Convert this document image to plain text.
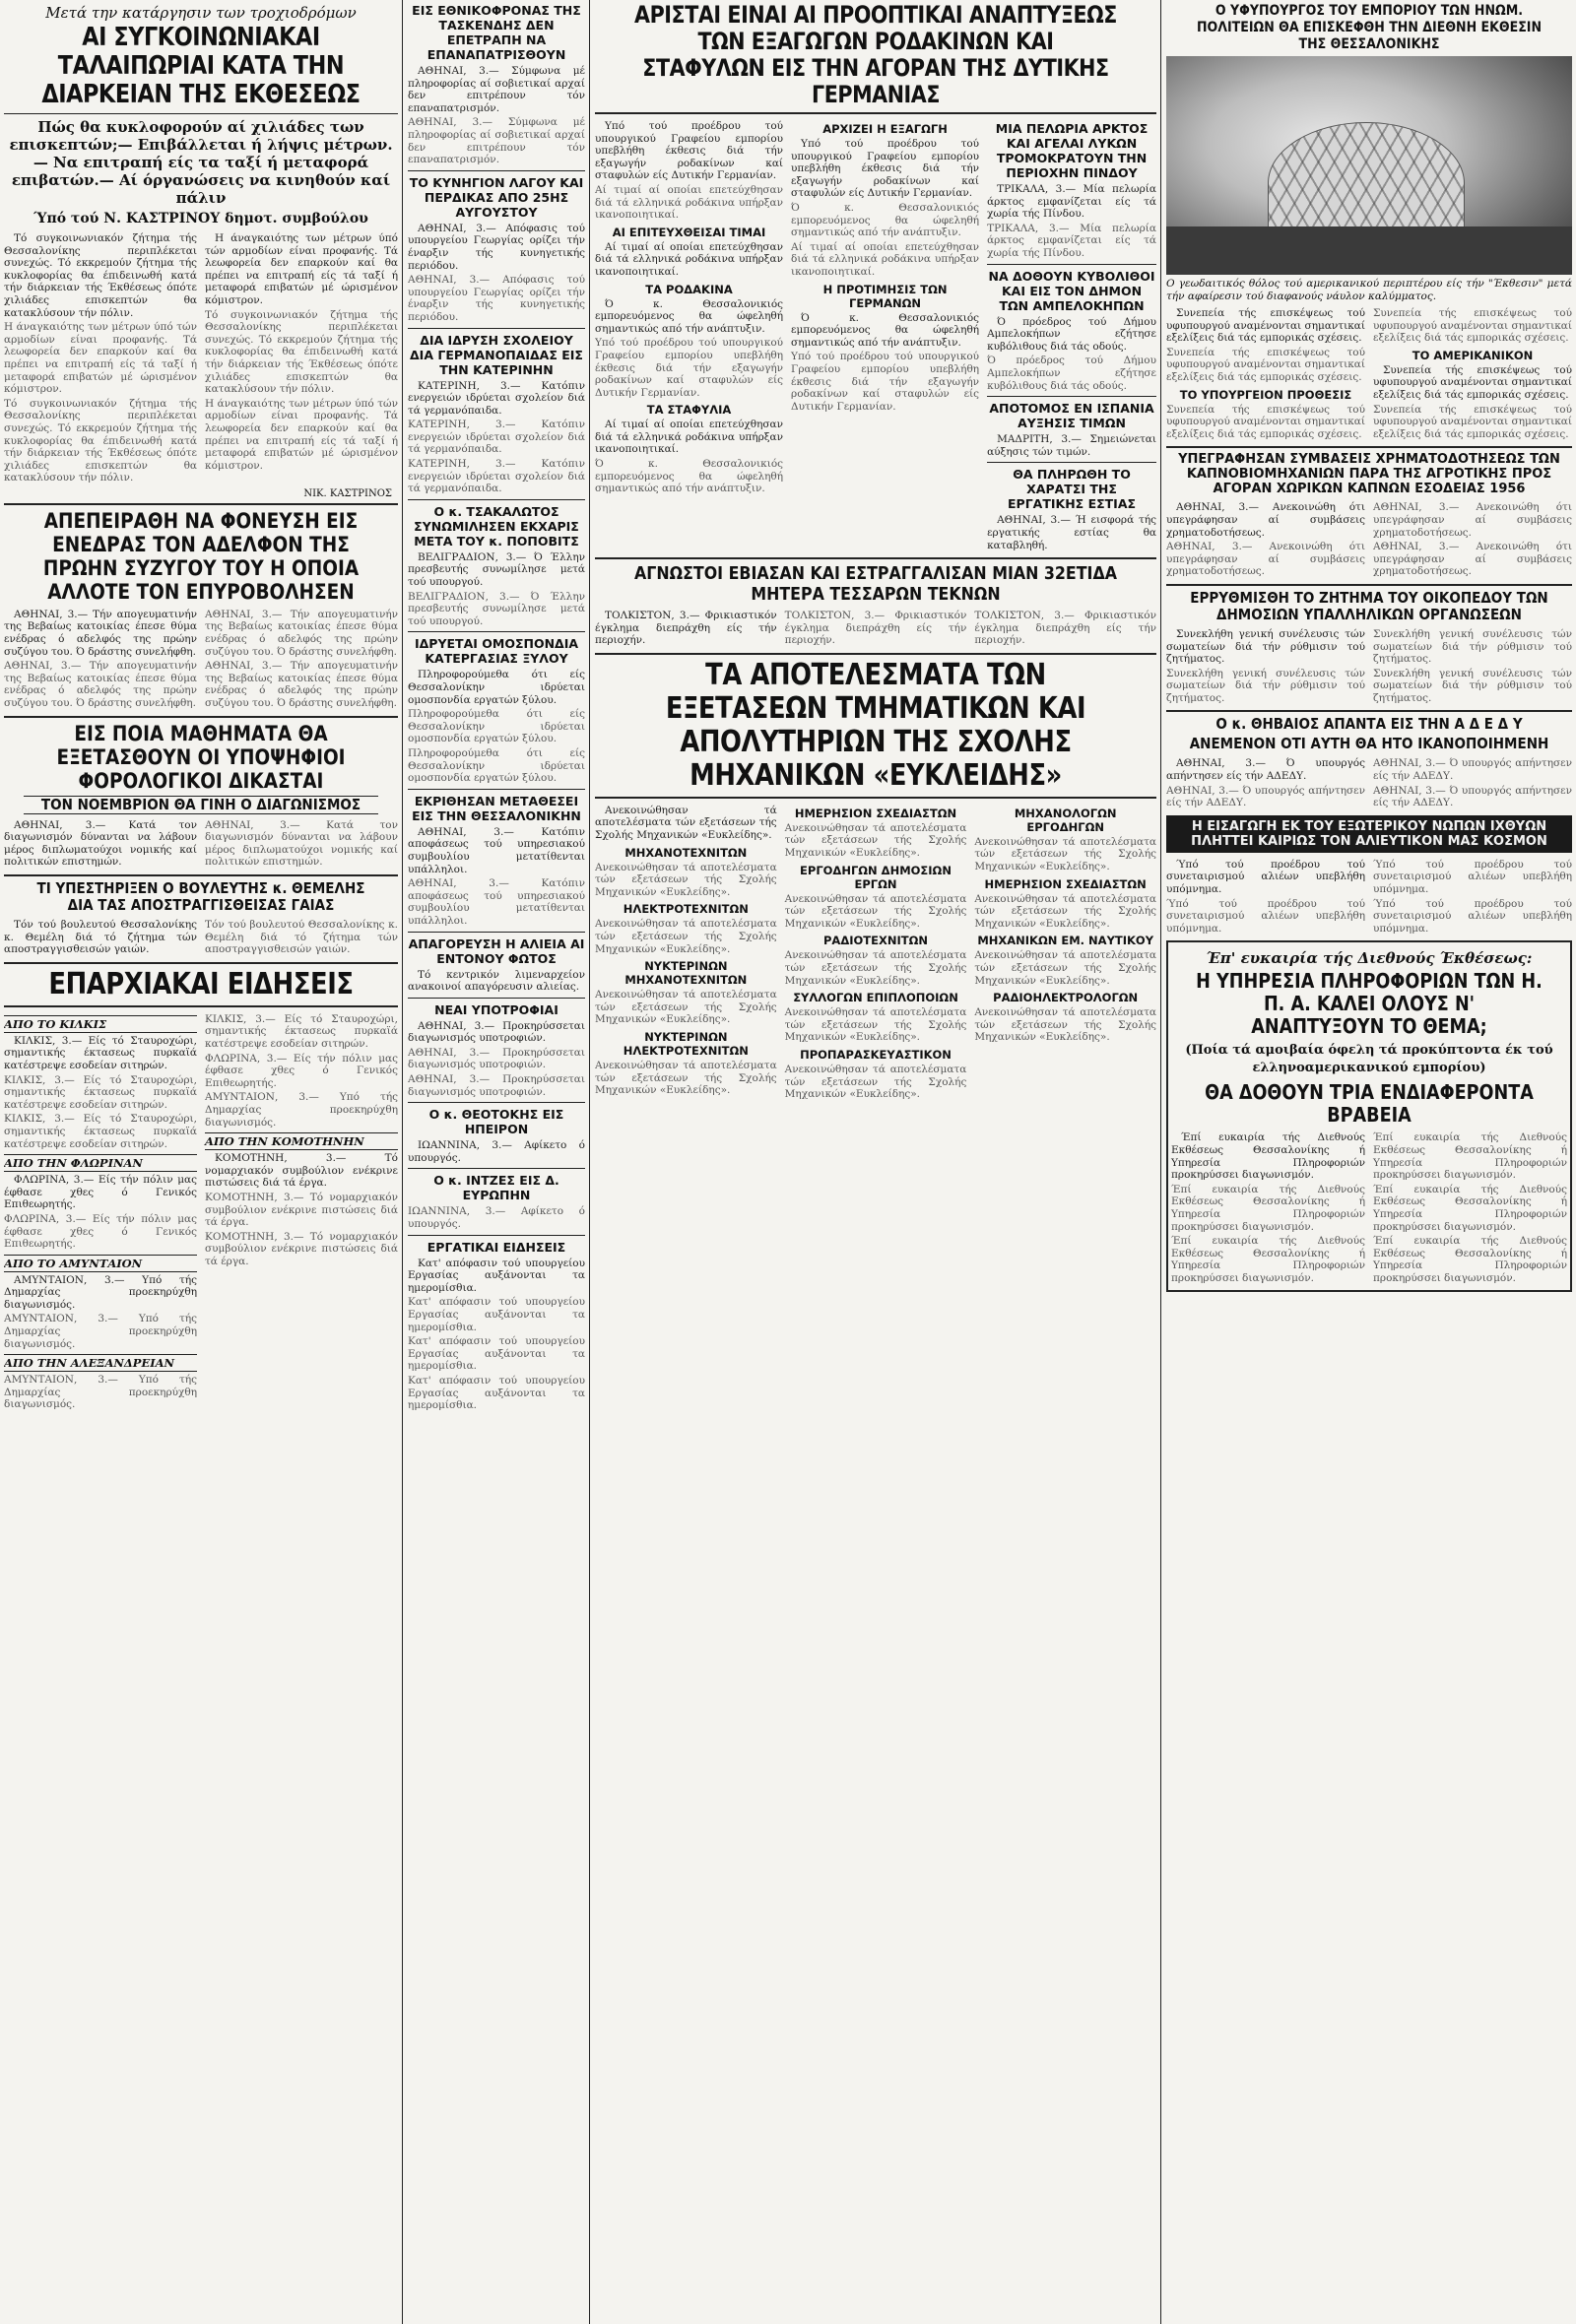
Μετά την κατάργησιν των τροχιοδρόμων
ΑΙ ΣΥΓΚΟΙΝΩΝΙΑΚΑΙ ΤΑΛΑΙΠΩΡΙΑΙ ΚΑΤΑ ΤΗΝ ΔΙΑΡΚΕΙΑΝ ΤΗΣ ΕΚΘΕΣΕΩΣ
Πώς θα κυκλοφορούν αί χιλιάδες των επισκεπτών;— Επιβάλλεται ή λήψις μέτρων.— Να επιτραπή είς τα ταξί ή μεταφορά επιβατών.— Αί όργανώσεις να κινηθούν καί πάλιν
Ύπό τού Ν. ΚΑΣΤΡΙΝΟΥ δημοτ. συμβούλου

Τό συγκοινωνιακόν ζήτημα τής Θεσσαλονίκης περιπλέκεται συνεχώς. Τό εκκρεμούν ζήτημα τής κυκλοφορίας θα έπιδεινωθή κατά τήν διάρκειαν τής Έκθέσεως όπότε χιλιάδες επισκεπτών θα κατακλύσουν τήν πόλιν.

Η άναγκαιότης των μέτρων ύπό τών αρμοδίων είναι προφανής. Τά λεωφορεία δεν επαρκούν καί θα πρέπει να επιτραπή είς τά ταξί ή μεταφορά επιβατών μέ ώρισμένον κόμιστρον.

Τό συγκοινωνιακόν ζήτημα τής Θεσσαλονίκης περιπλέκεται συνεχώς. Τό εκκρεμούν ζήτημα τής κυκλοφορίας θα έπιδεινωθή κατά τήν διάρκειαν τής Έκθέσεως όπότε χιλιάδες επισκεπτών θα κατακλύσουν τήν πόλιν.

Η άναγκαιότης των μέτρων ύπό τών αρμοδίων είναι προφανής. Τά λεωφορεία δεν επαρκούν καί θα πρέπει να επιτραπή είς τά ταξί ή μεταφορά επιβατών μέ ώρισμένον κόμιστρον.

Τό συγκοινωνιακόν ζήτημα τής Θεσσαλονίκης περιπλέκεται συνεχώς. Τό εκκρεμούν ζήτημα τής κυκλοφορίας θα έπιδεινωθή κατά τήν διάρκειαν τής Έκθέσεως όπότε χιλιάδες επισκεπτών θα κατακλύσουν τήν πόλιν.

Η άναγκαιότης των μέτρων ύπό τών αρμοδίων είναι προφανής. Τά λεωφορεία δεν επαρκούν καί θα πρέπει να επιτραπή είς τά ταξί ή μεταφορά επιβατών μέ ώρισμένον κόμιστρον.

ΝΙΚ. ΚΑΣΤΡΙΝΟΣ
ΑΠΕΠΕΙΡΑΘΗ ΝΑ ΦΟΝΕΥΣΗ ΕΙΣ ΕΝΕΔΡΑΣ ΤΟΝ ΑΔΕΛΦΟΝ ΤΗΣ ΠΡΩΗΝ ΣΥΖΥΓΟΥ ΤΟΥ Η ΟΠΟΙΑ ΑΛΛΟΤΕ ΤΟΝ ΕΠΥΡΟΒΟΛΗΣΕΝ

ΑΘΗΝΑΙ, 3.— Τήν απογευματινήν της Βεβαίως κατοικίας έπεσε θύμα ενέδρας ό αδελφός της πρώην συζύγου του. Ό δράστης συνελήφθη.

ΑΘΗΝΑΙ, 3.— Τήν απογευματινήν της Βεβαίως κατοικίας έπεσε θύμα ενέδρας ό αδελφός της πρώην συζύγου του. Ό δράστης συνελήφθη.

ΑΘΗΝΑΙ, 3.— Τήν απογευματινήν της Βεβαίως κατοικίας έπεσε θύμα ενέδρας ό αδελφός της πρώην συζύγου του. Ό δράστης συνελήφθη.

ΑΘΗΝΑΙ, 3.— Τήν απογευματινήν της Βεβαίως κατοικίας έπεσε θύμα ενέδρας ό αδελφός της πρώην συζύγου του. Ό δράστης συνελήφθη.

ΕΙΣ ΠΟΙΑ ΜΑΘΗΜΑΤΑ ΘΑ ΕΞΕΤΑΣΘΟΥΝ ΟΙ ΥΠΟΨΗΦΙΟΙ ΦΟΡΟΛΟΓΙΚΟΙ ΔΙΚΑΣΤΑΙ
ΤΟΝ ΝΟΕΜΒΡΙΟΝ ΘΑ ΓΙΝΗ Ο ΔΙΑΓΩΝΙΣΜΟΣ

ΑΘΗΝΑΙ, 3.— Κατά τον διαγωνισμόν δύνανται να λάβουν μέρος διπλωματούχοι νομικής καί πολιτικών επιστημών.

ΑΘΗΝΑΙ, 3.— Κατά τον διαγωνισμόν δύνανται να λάβουν μέρος διπλωματούχοι νομικής καί πολιτικών επιστημών.

ΤΙ ΥΠΕΣΤΗΡΙΞΕΝ Ο ΒΟΥΛΕΥΤΗΣ κ. ΘΕΜΕΛΗΣ ΔΙΑ ΤΑΣ ΑΠΟΣΤΡΑΓΓΙΣΘΕΙΣΑΣ ΓΑΙΑΣ

Τόν τού βουλευτού Θεσσαλονίκης κ. Θεμέλη διά τό ζήτημα τών αποστραγγισθεισών γαιών.

Τόν τού βουλευτού Θεσσαλονίκης κ. Θεμέλη διά τό ζήτημα τών αποστραγγισθεισών γαιών.

ΕΠΑΡΧΙΑΚΑΙ ΕΙΔΗΣΕΙΣ
ΑΠΟ ΤΟ ΚΙΛΚΙΣ

ΚΙΛΚΙΣ, 3.— Είς τό Σταυροχώρι, σημαντικής έκτασεως πυρκαϊά κατέστρεψε εσοδείαν σιτηρών.

ΚΙΛΚΙΣ, 3.— Είς τό Σταυροχώρι, σημαντικής έκτασεως πυρκαϊά κατέστρεψε εσοδείαν σιτηρών.

ΚΙΛΚΙΣ, 3.— Είς τό Σταυροχώρι, σημαντικής έκτασεως πυρκαϊά κατέστρεψε εσοδείαν σιτηρών.

ΑΠΟ ΤΗΝ ΦΛΩΡΙΝΑΝ

ΦΛΩΡΙΝΑ, 3.— Είς τήν πόλιν μας έφθασε χθες ό Γενικός Επιθεωρητής.

ΦΛΩΡΙΝΑ, 3.— Είς τήν πόλιν μας έφθασε χθες ό Γενικός Επιθεωρητής.

ΑΠΟ ΤΟ ΑΜΥΝΤΑΙΟΝ

ΑΜΥΝΤΑΙΟΝ, 3.— Υπό τής Δημαρχίας προεκηρύχθη διαγωνισμός.

ΑΜΥΝΤΑΙΟΝ, 3.— Υπό τής Δημαρχίας προεκηρύχθη διαγωνισμός.

ΑΠΟ ΤΗΝ ΑΛΕΞΑΝΔΡΕΙΑΝ

ΑΜΥΝΤΑΙΟΝ, 3.— Υπό τής Δημαρχίας προεκηρύχθη διαγωνισμός.

ΚΙΛΚΙΣ, 3.— Είς τό Σταυροχώρι, σημαντικής έκτασεως πυρκαϊά κατέστρεψε εσοδείαν σιτηρών.

ΦΛΩΡΙΝΑ, 3.— Είς τήν πόλιν μας έφθασε χθες ό Γενικός Επιθεωρητής.

ΑΜΥΝΤΑΙΟΝ, 3.— Υπό τής Δημαρχίας προεκηρύχθη διαγωνισμός.

ΑΠΟ ΤΗΝ ΚΟΜΟΤΗΝΗΝ

ΚΟΜΟΤΗΝΗ, 3.— Τό νομαρχιακόν συμβούλιον ενέκρινε πιστώσεις διά τά έργα.

ΚΟΜΟΤΗΝΗ, 3.— Τό νομαρχιακόν συμβούλιον ενέκρινε πιστώσεις διά τά έργα.

ΚΟΜΟΤΗΝΗ, 3.— Τό νομαρχιακόν συμβούλιον ενέκρινε πιστώσεις διά τά έργα.

ΕΙΣ ΕΘΝΙΚΟΦΡΟΝΑΣ ΤΗΣ ΤΑΣΚΕΝΔΗΣ ΔΕΝ ΕΠΕΤΡΑΠΗ ΝΑ ΕΠΑΝΑΠΑΤΡΙΣΘΟΥΝ

ΑΘΗΝΑΙ, 3.— Σύμφωνα μέ πληροφορίας αί σοβιετικαί αρχαί δεν επιτρέπουν τόν επαναπατρισμόν.

ΑΘΗΝΑΙ, 3.— Σύμφωνα μέ πληροφορίας αί σοβιετικαί αρχαί δεν επιτρέπουν τόν επαναπατρισμόν.

ΤΟ ΚΥΝΗΓΙΟΝ ΛΑΓΟΥ ΚΑΙ ΠΕΡΔΙΚΑΣ ΑΠΟ 25ΗΣ ΑΥΓΟΥΣΤΟΥ

ΑΘΗΝΑΙ, 3.— Απόφασις τού υπουργείου Γεωργίας ορίζει τήν έναρξιν τής κυνηγετικής περιόδου.

ΑΘΗΝΑΙ, 3.— Απόφασις τού υπουργείου Γεωργίας ορίζει τήν έναρξιν τής κυνηγετικής περιόδου.

ΔΙΑ ΙΔΡΥΣΗ ΣΧΟΛΕΙΟΥ ΔΙΑ ΓΕΡΜΑΝΟΠΑΙΔΑΣ ΕΙΣ ΤΗΝ ΚΑΤΕΡΙΝΗΝ

ΚΑΤΕΡΙΝΗ, 3.— Κατόπιν ενεργειών ιδρύεται σχολείον διά τά γερμανόπαιδα.

ΚΑΤΕΡΙΝΗ, 3.— Κατόπιν ενεργειών ιδρύεται σχολείον διά τά γερμανόπαιδα.

ΚΑΤΕΡΙΝΗ, 3.— Κατόπιν ενεργειών ιδρύεται σχολείον διά τά γερμανόπαιδα.

Ο κ. ΤΣΑΚΑΛΩΤΟΣ ΣΥΝΩΜΙΛΗΣΕΝ ΕΚΧΑΡΙΣ ΜΕΤΑ ΤΟΥ κ. ΠΟΠΟΒΙΤΣ

ΒΕΛΙΓΡΑΔΙΟΝ, 3.— Ό Έλλην πρεσβευτής συνωμίλησε μετά τού υπουργού.

ΒΕΛΙΓΡΑΔΙΟΝ, 3.— Ό Έλλην πρεσβευτής συνωμίλησε μετά τού υπουργού.

ΙΔΡΥΕΤΑΙ ΟΜΟΣΠΟΝΔΙΑ ΚΑΤΕΡΓΑΣΙΑΣ ΞΥΛΟΥ

Πληροφορούμεθα ότι είς Θεσσαλονίκην ιδρύεται ομοσπονδία εργατών ξύλου.

Πληροφορούμεθα ότι είς Θεσσαλονίκην ιδρύεται ομοσπονδία εργατών ξύλου.

Πληροφορούμεθα ότι είς Θεσσαλονίκην ιδρύεται ομοσπονδία εργατών ξύλου.

ΕΚΡΙΘΗΣΑΝ ΜΕΤΑΘΕΣΕΙ ΕΙΣ ΤΗΝ ΘΕΣΣΑΛΟΝΙΚΗΝ

ΑΘΗΝΑΙ, 3.— Κατόπιν αποφάσεως τού υπηρεσιακού συμβουλίου μετατίθενται υπάλληλοι.

ΑΘΗΝΑΙ, 3.— Κατόπιν αποφάσεως τού υπηρεσιακού συμβουλίου μετατίθενται υπάλληλοι.

ΑΠΑΓΟΡΕΥΣΗ Η ΑΛΙΕΙΑ ΑΙ ΕΝΤΟΝΟΥ ΦΩΤΟΣ

Τό κεντρικόν λιμεναρχείον ανακοινοί απαγόρευσιν αλιείας.

ΝΕΑΙ ΥΠΟΤΡΟΦΙΑΙ

ΑΘΗΝΑΙ, 3.— Προκηρύσσεται διαγωνισμός υποτροφιών.

ΑΘΗΝΑΙ, 3.— Προκηρύσσεται διαγωνισμός υποτροφιών.

ΑΘΗΝΑΙ, 3.— Προκηρύσσεται διαγωνισμός υποτροφιών.

Ο κ. ΘΕΟΤΟΚΗΣ ΕΙΣ ΗΠΕΙΡΟΝ

ΙΩΑΝΝΙΝΑ, 3.— Αφίκετο ό υπουργός.

Ο κ. ΙΝΤΖΕΣ ΕΙΣ Δ. ΕΥΡΩΠΗΝ

ΙΩΑΝΝΙΝΑ, 3.— Αφίκετο ό υπουργός.

ΕΡΓΑΤΙΚΑΙ ΕΙΔΗΣΕΙΣ

Κατ' απόφασιν τού υπουργείου Εργασίας αυξάνονται τα ημερομίσθια.

Κατ' απόφασιν τού υπουργείου Εργασίας αυξάνονται τα ημερομίσθια.

Κατ' απόφασιν τού υπουργείου Εργασίας αυξάνονται τα ημερομίσθια.

Κατ' απόφασιν τού υπουργείου Εργασίας αυξάνονται τα ημερομίσθια.

ΑΡΙΣΤΑΙ ΕΙΝΑΙ ΑΙ ΠΡΟΟΠΤΙΚΑΙ ΑΝΑΠΤΥΞΕΩΣ ΤΩΝ ΕΞΑΓΩΓΩΝ ΡΟΔΑΚΙΝΩΝ ΚΑΙ ΣΤΑΦΥΛΩΝ ΕΙΣ ΤΗΝ ΑΓΟΡΑΝ ΤΗΣ ΔΥΤΙΚΗΣ ΓΕΡΜΑΝΙΑΣ

Υπό τού προέδρου τού υπουργικού Γραφείου εμπορίου υπεβλήθη έκθεσις διά τήν εξαγωγήν ροδακίνων καί σταφυλών είς Δυτικήν Γερμανίαν.

Αί τιμαί αί οποίαι επετεύχθησαν διά τά ελληνικά ροδάκινα υπήρξαν ικανοποιητικαί.

ΑΙ ΕΠΙΤΕΥΧΘΕΙΣΑΙ ΤΙΜΑΙ

Αί τιμαί αί οποίαι επετεύχθησαν διά τά ελληνικά ροδάκινα υπήρξαν ικανοποιητικαί.

ΤΑ ΡΟΔΑΚΙΝΑ

Ό κ. Θεσσαλονικιός εμπορευόμενος θα ώφεληθή σημαντικώς από τήν ανάπτυξιν.

Υπό τού προέδρου τού υπουργικού Γραφείου εμπορίου υπεβλήθη έκθεσις διά τήν εξαγωγήν ροδακίνων καί σταφυλών είς Δυτικήν Γερμανίαν.

ΤΑ ΣΤΑΦΥΛΙΑ

Αί τιμαί αί οποίαι επετεύχθησαν διά τά ελληνικά ροδάκινα υπήρξαν ικανοποιητικαί.

Ό κ. Θεσσαλονικιός εμπορευόμενος θα ώφεληθή σημαντικώς από τήν ανάπτυξιν.

ΑΡΧΙΖΕΙ Η ΕΞΑΓΩΓΗ

Υπό τού προέδρου τού υπουργικού Γραφείου εμπορίου υπεβλήθη έκθεσις διά τήν εξαγωγήν ροδακίνων καί σταφυλών είς Δυτικήν Γερμανίαν.

Ό κ. Θεσσαλονικιός εμπορευόμενος θα ώφεληθή σημαντικώς από τήν ανάπτυξιν.

Αί τιμαί αί οποίαι επετεύχθησαν διά τά ελληνικά ροδάκινα υπήρξαν ικανοποιητικαί.

Η ΠΡΟΤΙΜΗΣΙΣ ΤΩΝ ΓΕΡΜΑΝΩΝ

Ό κ. Θεσσαλονικιός εμπορευόμενος θα ώφεληθή σημαντικώς από τήν ανάπτυξιν.

Υπό τού προέδρου τού υπουργικού Γραφείου εμπορίου υπεβλήθη έκθεσις διά τήν εξαγωγήν ροδακίνων καί σταφυλών είς Δυτικήν Γερμανίαν.

ΜΙΑ ΠΕΛΩΡΙΑ ΑΡΚΤΟΣ ΚΑΙ ΑΓΕΛΑΙ ΛΥΚΩΝ ΤΡΟΜΟΚΡΑΤΟΥΝ ΤΗΝ ΠΕΡΙΟΧΗΝ ΠΙΝΔΟΥ

ΤΡΙΚΑΛΑ, 3.— Μία πελωρία άρκτος εμφανίζεται είς τά χωρία τής Πίνδου.

ΤΡΙΚΑΛΑ, 3.— Μία πελωρία άρκτος εμφανίζεται είς τά χωρία τής Πίνδου.

ΝΑ ΔΟΘΟΥΝ ΚΥΒΟΛΙΘΟΙ ΚΑΙ ΕΙΣ ΤΟΝ ΔΗΜΟΝ ΤΩΝ ΑΜΠΕΛΟΚΗΠΩΝ

Ό πρόεδρος τού Δήμου Αμπελοκήπων εζήτησε κυβόλιθους διά τάς οδούς.

Ό πρόεδρος τού Δήμου Αμπελοκήπων εζήτησε κυβόλιθους διά τάς οδούς.

ΑΠΟΤΟΜΟΣ ΕΝ ΙΣΠΑΝΙΑ ΑΥΞΗΣΙΣ ΤΙΜΩΝ

ΜΑΔΡΙΤΗ, 3.— Σημειώνεται αύξησις τών τιμών.

ΘΑ ΠΛΗΡΩΘΗ ΤΟ ΧΑΡΑΤΣΙ ΤΗΣ ΕΡΓΑΤΙΚΗΣ ΕΣΤΙΑΣ

ΑΘΗΝΑΙ, 3.— Ή εισφορά τής εργατικής εστίας θα καταβληθή.

ΑΓΝΩΣΤΟΙ ΕΒΙΑΣΑΝ ΚΑΙ ΕΣΤΡΑΓΓΑΛΙΣΑΝ ΜΙΑΝ 32ΕΤΙΔΑ ΜΗΤΕΡΑ ΤΕΣΣΑΡΩΝ ΤΕΚΝΩΝ

ΤΟΛΚΙΣΤΟΝ, 3.— Φρικιαστικόν έγκλημα διεπράχθη είς τήν περιοχήν.

ΤΟΛΚΙΣΤΟΝ, 3.— Φρικιαστικόν έγκλημα διεπράχθη είς τήν περιοχήν.

ΤΟΛΚΙΣΤΟΝ, 3.— Φρικιαστικόν έγκλημα διεπράχθη είς τήν περιοχήν.

ΤΑ ΑΠΟΤΕΛΕΣΜΑΤΑ ΤΩΝ ΕΞΕΤΑΣΕΩΝ ΤΜΗΜΑΤΙΚΩΝ ΚΑΙ ΑΠΟΛΥΤΗΡΙΩΝ ΤΗΣ ΣΧΟΛΗΣ ΜΗΧΑΝΙΚΩΝ «ΕΥΚΛΕΙΔΗΣ»

Ανεκοινώθησαν τά αποτελέσματα τών εξετάσεων τής Σχολής Μηχανικών «Ευκλείδης».

ΜΗΧΑΝΟΤΕΧΝΙΤΩΝ

Ανεκοινώθησαν τά αποτελέσματα τών εξετάσεων τής Σχολής Μηχανικών «Ευκλείδης».

ΗΛΕΚΤΡΟΤΕΧΝΙΤΩΝ

Ανεκοινώθησαν τά αποτελέσματα τών εξετάσεων τής Σχολής Μηχανικών «Ευκλείδης».

ΝΥΚΤΕΡΙΝΩΝ ΜΗΧΑΝΟΤΕΧΝΙΤΩΝ

Ανεκοινώθησαν τά αποτελέσματα τών εξετάσεων τής Σχολής Μηχανικών «Ευκλείδης».

ΝΥΚΤΕΡΙΝΩΝ ΗΛΕΚΤΡΟΤΕΧΝΙΤΩΝ

Ανεκοινώθησαν τά αποτελέσματα τών εξετάσεων τής Σχολής Μηχανικών «Ευκλείδης».

ΗΜΕΡΗΣΙΟΝ ΣΧΕΔΙΑΣΤΩΝ

Ανεκοινώθησαν τά αποτελέσματα τών εξετάσεων τής Σχολής Μηχανικών «Ευκλείδης».

ΕΡΓΟΔΗΓΩΝ ΔΗΜΟΣΙΩΝ ΕΡΓΩΝ

Ανεκοινώθησαν τά αποτελέσματα τών εξετάσεων τής Σχολής Μηχανικών «Ευκλείδης».

ΡΑΔΙΟΤΕΧΝΙΤΩΝ

Ανεκοινώθησαν τά αποτελέσματα τών εξετάσεων τής Σχολής Μηχανικών «Ευκλείδης».

ΣΥΛΛΟΓΩΝ ΕΠΙΠΛΟΠΟΙΩΝ

Ανεκοινώθησαν τά αποτελέσματα τών εξετάσεων τής Σχολής Μηχανικών «Ευκλείδης».

ΠΡΟΠΑΡΑΣΚΕΥΑΣΤΙΚΟΝ

Ανεκοινώθησαν τά αποτελέσματα τών εξετάσεων τής Σχολής Μηχανικών «Ευκλείδης».

ΜΗΧΑΝΟΛΟΓΩΝ ΕΡΓΟΔΗΓΩΝ

Ανεκοινώθησαν τά αποτελέσματα τών εξετάσεων τής Σχολής Μηχανικών «Ευκλείδης».

ΗΜΕΡΗΣΙΟΝ ΣΧΕΔΙΑΣΤΩΝ

Ανεκοινώθησαν τά αποτελέσματα τών εξετάσεων τής Σχολής Μηχανικών «Ευκλείδης».

ΜΗΧΑΝΙΚΩΝ ΕΜ. ΝΑΥΤΙΚΟΥ

Ανεκοινώθησαν τά αποτελέσματα τών εξετάσεων τής Σχολής Μηχανικών «Ευκλείδης».

ΡΑΔΙΟΗΛΕΚΤΡΟΛΟΓΩΝ

Ανεκοινώθησαν τά αποτελέσματα τών εξετάσεων τής Σχολής Μηχανικών «Ευκλείδης».

Ο ΥΦΥΠΟΥΡΓΟΣ ΤΟΥ ΕΜΠΟΡΙΟΥ ΤΩΝ ΗΝΩΜ. ΠΟΛΙΤΕΙΩΝ ΘΑ ΕΠΙΣΚΕΦΘΗ ΤΗΝ ΔΙΕΘΝΗ ΕΚΘΕΣΙΝ ΤΗΣ ΘΕΣΣΑΛΟΝΙΚΗΣ
Ο γεωδαιτικός θόλος τού αμερικανικού περιπτέρου είς τήν "Έκθεσιν" μετά τήν αφαίρεσιν τού διαφανούς νάυλον καλύμματος.

Συνεπεία τής επισκέψεως τού υφυπουργού αναμένονται σημαντικαί εξελίξεις διά τάς εμπορικάς σχέσεις.

Συνεπεία τής επισκέψεως τού υφυπουργού αναμένονται σημαντικαί εξελίξεις διά τάς εμπορικάς σχέσεις.

ΤΟ ΥΠΟΥΡΓΕΙΟΝ ΠΡΟΘΕΣΙΣ

Συνεπεία τής επισκέψεως τού υφυπουργού αναμένονται σημαντικαί εξελίξεις διά τάς εμπορικάς σχέσεις.

Συνεπεία τής επισκέψεως τού υφυπουργού αναμένονται σημαντικαί εξελίξεις διά τάς εμπορικάς σχέσεις.

ΤΟ ΑΜΕΡΙΚΑΝΙΚΟΝ

Συνεπεία τής επισκέψεως τού υφυπουργού αναμένονται σημαντικαί εξελίξεις διά τάς εμπορικάς σχέσεις.

Συνεπεία τής επισκέψεως τού υφυπουργού αναμένονται σημαντικαί εξελίξεις διά τάς εμπορικάς σχέσεις.

ΥΠΕΓΡΑΦΗΣΑΝ ΣΥΜΒΑΣΕΙΣ ΧΡΗΜΑΤΟΔΟΤΗΣΕΩΣ ΤΩΝ ΚΑΠΝΟΒΙΟΜΗΧΑΝΙΩΝ ΠΑΡΑ ΤΗΣ ΑΓΡΟΤΙΚΗΣ ΠΡΟΣ ΑΓΟΡΑΝ ΧΩΡΙΚΩΝ ΚΑΠΝΩΝ ΕΣΟΔΕΙΑΣ 1956

ΑΘΗΝΑΙ, 3.— Ανεκοινώθη ότι υπεγράφησαν αί συμβάσεις χρηματοδοτήσεως.

ΑΘΗΝΑΙ, 3.— Ανεκοινώθη ότι υπεγράφησαν αί συμβάσεις χρηματοδοτήσεως.

ΑΘΗΝΑΙ, 3.— Ανεκοινώθη ότι υπεγράφησαν αί συμβάσεις χρηματοδοτήσεως.

ΑΘΗΝΑΙ, 3.— Ανεκοινώθη ότι υπεγράφησαν αί συμβάσεις χρηματοδοτήσεως.

ΕΡΡΥΘΜΙΣΘΗ ΤΟ ΖΗΤΗΜΑ ΤΟΥ ΟΙΚΟΠΕΔΟΥ ΤΩΝ ΔΗΜΟΣΙΩΝ ΥΠΑΛΛΗΛΙΚΩΝ ΟΡΓΑΝΩΣΕΩΝ

Συνεκλήθη γενική συνέλευσις τών σωματείων διά τήν ρύθμισιν τού ζητήματος.

Συνεκλήθη γενική συνέλευσις τών σωματείων διά τήν ρύθμισιν τού ζητήματος.

Συνεκλήθη γενική συνέλευσις τών σωματείων διά τήν ρύθμισιν τού ζητήματος.

Συνεκλήθη γενική συνέλευσις τών σωματείων διά τήν ρύθμισιν τού ζητήματος.

Ο κ. ΘΗΒΑΙΟΣ ΑΠΑΝΤΑ ΕΙΣ ΤΗΝ Α Δ Ε Δ Υ
ΑΝΕΜΕΝΟΝ ΟΤΙ ΑΥΤΗ ΘΑ ΗΤΟ ΙΚΑΝΟΠΟΙΗΜΕΝΗ

ΑΘΗΝΑΙ, 3.— Ό υπουργός απήντησεν είς τήν ΑΔΕΔΥ.

ΑΘΗΝΑΙ, 3.— Ό υπουργός απήντησεν είς τήν ΑΔΕΔΥ.

ΑΘΗΝΑΙ, 3.— Ό υπουργός απήντησεν είς τήν ΑΔΕΔΥ.

ΑΘΗΝΑΙ, 3.— Ό υπουργός απήντησεν είς τήν ΑΔΕΔΥ.

Η ΕΙΣΑΓΩΓΗ ΕΚ ΤΟΥ ΕΞΩΤΕΡΙΚΟΥ ΝΩΠΩΝ ΙΧΘΥΩΝ ΠΛΗΤΤΕΙ ΚΑΙΡΙΩΣ ΤΟΝ ΑΛΙΕΥΤΙΚΟΝ ΜΑΣ ΚΟΣΜΟΝ

Ύπό τού προέδρου τού συνεταιρισμού αλιέων υπεβλήθη υπόμνημα.

Ύπό τού προέδρου τού συνεταιρισμού αλιέων υπεβλήθη υπόμνημα.

Ύπό τού προέδρου τού συνεταιρισμού αλιέων υπεβλήθη υπόμνημα.

Ύπό τού προέδρου τού συνεταιρισμού αλιέων υπεβλήθη υπόμνημα.

Έπ' ευκαιρία τής Διεθνούς Έκθέσεως:
Η ΥΠΗΡΕΣΙΑ ΠΛΗΡΟΦΟΡΙΩΝ ΤΩΝ Η. Π. Α. ΚΑΛΕΙ ΟΛΟΥΣ Ν' ΑΝΑΠΤΥΞΟΥΝ ΤΟ ΘΕΜΑ;
(Ποία τά αμοιβαία όφελη τά προκύπτοντα έκ τού ελληνοαμερικανικού εμπορίου)
ΘΑ ΔΟΘΟΥΝ ΤΡΙΑ ΕΝΔΙΑΦΕΡΟΝΤΑ ΒΡΑΒΕΙΑ

Έπί ευκαιρία τής Διεθνούς Εκθέσεως Θεσσαλονίκης ή Υπηρεσία Πληροφοριών προκηρύσσει διαγωνισμόν.

Έπί ευκαιρία τής Διεθνούς Εκθέσεως Θεσσαλονίκης ή Υπηρεσία Πληροφοριών προκηρύσσει διαγωνισμόν.

Έπί ευκαιρία τής Διεθνούς Εκθέσεως Θεσσαλονίκης ή Υπηρεσία Πληροφοριών προκηρύσσει διαγωνισμόν.

Έπί ευκαιρία τής Διεθνούς Εκθέσεως Θεσσαλονίκης ή Υπηρεσία Πληροφοριών προκηρύσσει διαγωνισμόν.

Έπί ευκαιρία τής Διεθνούς Εκθέσεως Θεσσαλονίκης ή Υπηρεσία Πληροφοριών προκηρύσσει διαγωνισμόν.

Έπί ευκαιρία τής Διεθνούς Εκθέσεως Θεσσαλονίκης ή Υπηρεσία Πληροφοριών προκηρύσσει διαγωνισμόν.
